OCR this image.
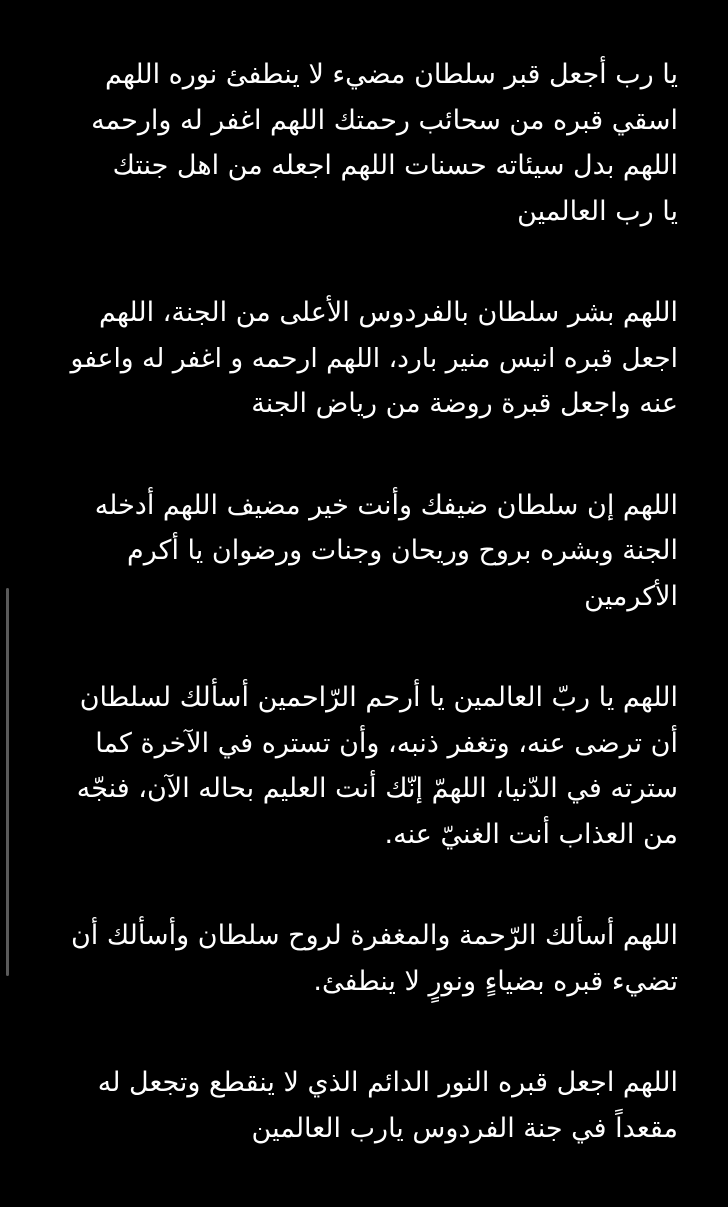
يا رب أجعل قبر سلطان مضيء لا ينطفئ نوره اللهم
اسقي قبره من سحائب رحمتك اللهم اغفر له وارحمه
اللهم بدل سيئاته حسنات اللهم اجعله من اهل جنتك
يا رب العالمين

اللهم بشر سلطان بالفردوس الأعلى من الجنة، اللهم
اجعل قبره انيس منير بارد، اللهم ارحمه و اغفر له واعفو
عنه واجعل قبرة روضة من رياض الجنة

اللهم إن سلطان ضيفك وأنت خير مضيف اللهم أدخله
الجنة وبشره بروح وريحان وجنات ورضوان يا أكرم
الأكرمين

اللهم يا ربّ العالمين يا أرحم الرّاحمين أسألك لسلطان
أن ترضى عنه، وتغفر ذنبه، وأن تستره في الآخرة كما
سترته في الدّنيا، اللهمّ إنّك أنت العليم بحاله الآن، فنجّه
من العذاب أنت الغنيّ عنه.

اللهم أسألك الرّحمة والمغفرة لروح سلطان وأسألك أن
تضيء قبره بضياءٍ ونورٍ لا ينطفئ.

اللهم اجعل قبره النور الدائم الذي لا ينقطع وتجعل له
مقعداً في جنة الفردوس يارب العالمين
